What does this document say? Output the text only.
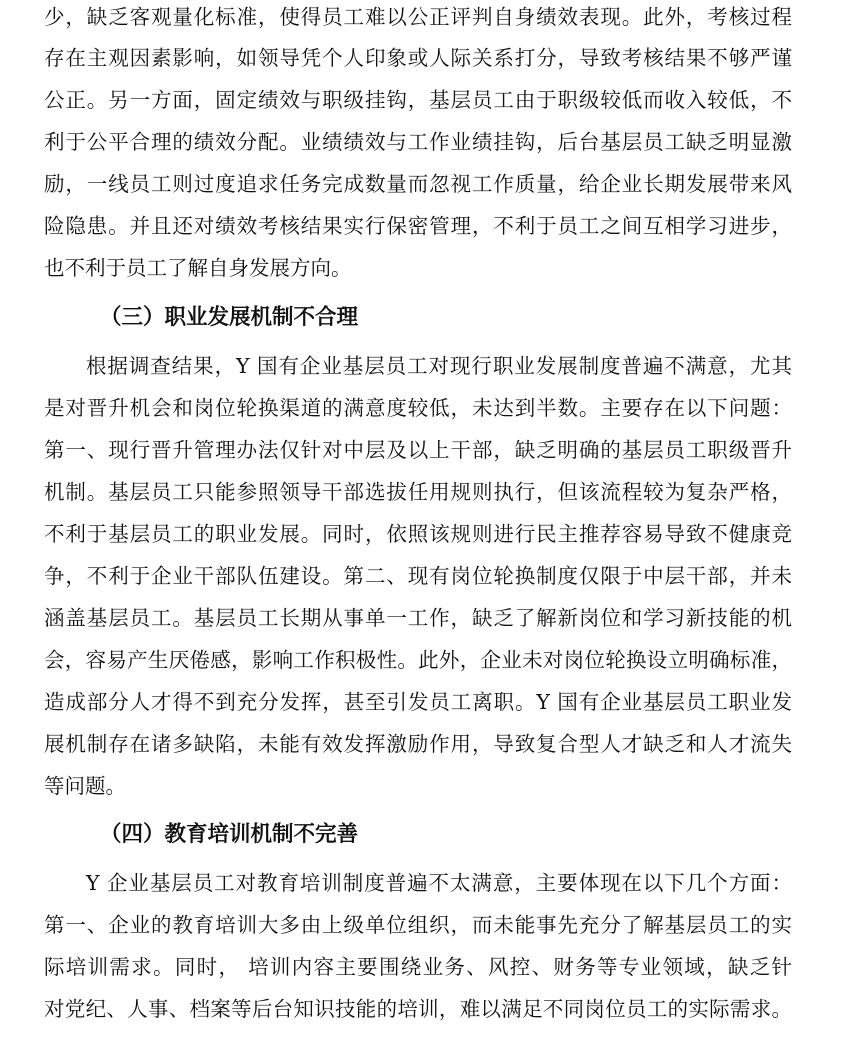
少，缺乏客观量化标准，使得员工难以公正评判自身绩效表现。此外，考核过程

存在主观因素影响，如领导凭个人印象或人际关系打分，导致考核结果不够严谨

公正。另一方面，固定绩效与职级挂钩，基层员工由于职级较低而收入较低，不

利于公平合理的绩效分配。业绩绩效与工作业绩挂钩，后台基层员工缺乏明显激

励，一线员工则过度追求任务完成数量而忽视工作质量，给企业长期发展带来风

险隐患。并且还对绩效考核结果实行保密管理，不利于员工之间互相学习进步，

也不利于员工了解自身发展方向。

（三）职业发展机制不合理

根据调查结果，Y 国有企业基层员工对现行职业发展制度普遍不满意，尤其

是对晋升机会和岗位轮换渠道的满意度较低，未达到半数。主要存在以下问题：

第一、现行晋升管理办法仅针对中层及以上干部，缺乏明确的基层员工职级晋升

机制。基层员工只能参照领导干部选拔任用规则执行，但该流程较为复杂严格，

不利于基层员工的职业发展。同时，依照该规则进行民主推荐容易导致不健康竞

争，不利于企业干部队伍建设。第二、现有岗位轮换制度仅限于中层干部，并未

涵盖基层员工。基层员工长期从事单一工作，缺乏了解新岗位和学习新技能的机

会，容易产生厌倦感，影响工作积极性。此外，企业未对岗位轮换设立明确标准，

造成部分人才得不到充分发挥，甚至引发员工离职。Y 国有企业基层员工职业发

展机制存在诸多缺陷，未能有效发挥激励作用，导致复合型人才缺乏和人才流失

等问题。

（四）教育培训机制不完善

Y 企业基层员工对教育培训制度普遍不太满意，主要体现在以下几个方面：

第一、企业的教育培训大多由上级单位组织，而未能事先充分了解基层员工的实

际培训需求。同时， 培训内容主要围绕业务、风控、财务等专业领域，缺乏针

对党纪、人事、档案等后台知识技能的培训，难以满足不同岗位员工的实际需求。
